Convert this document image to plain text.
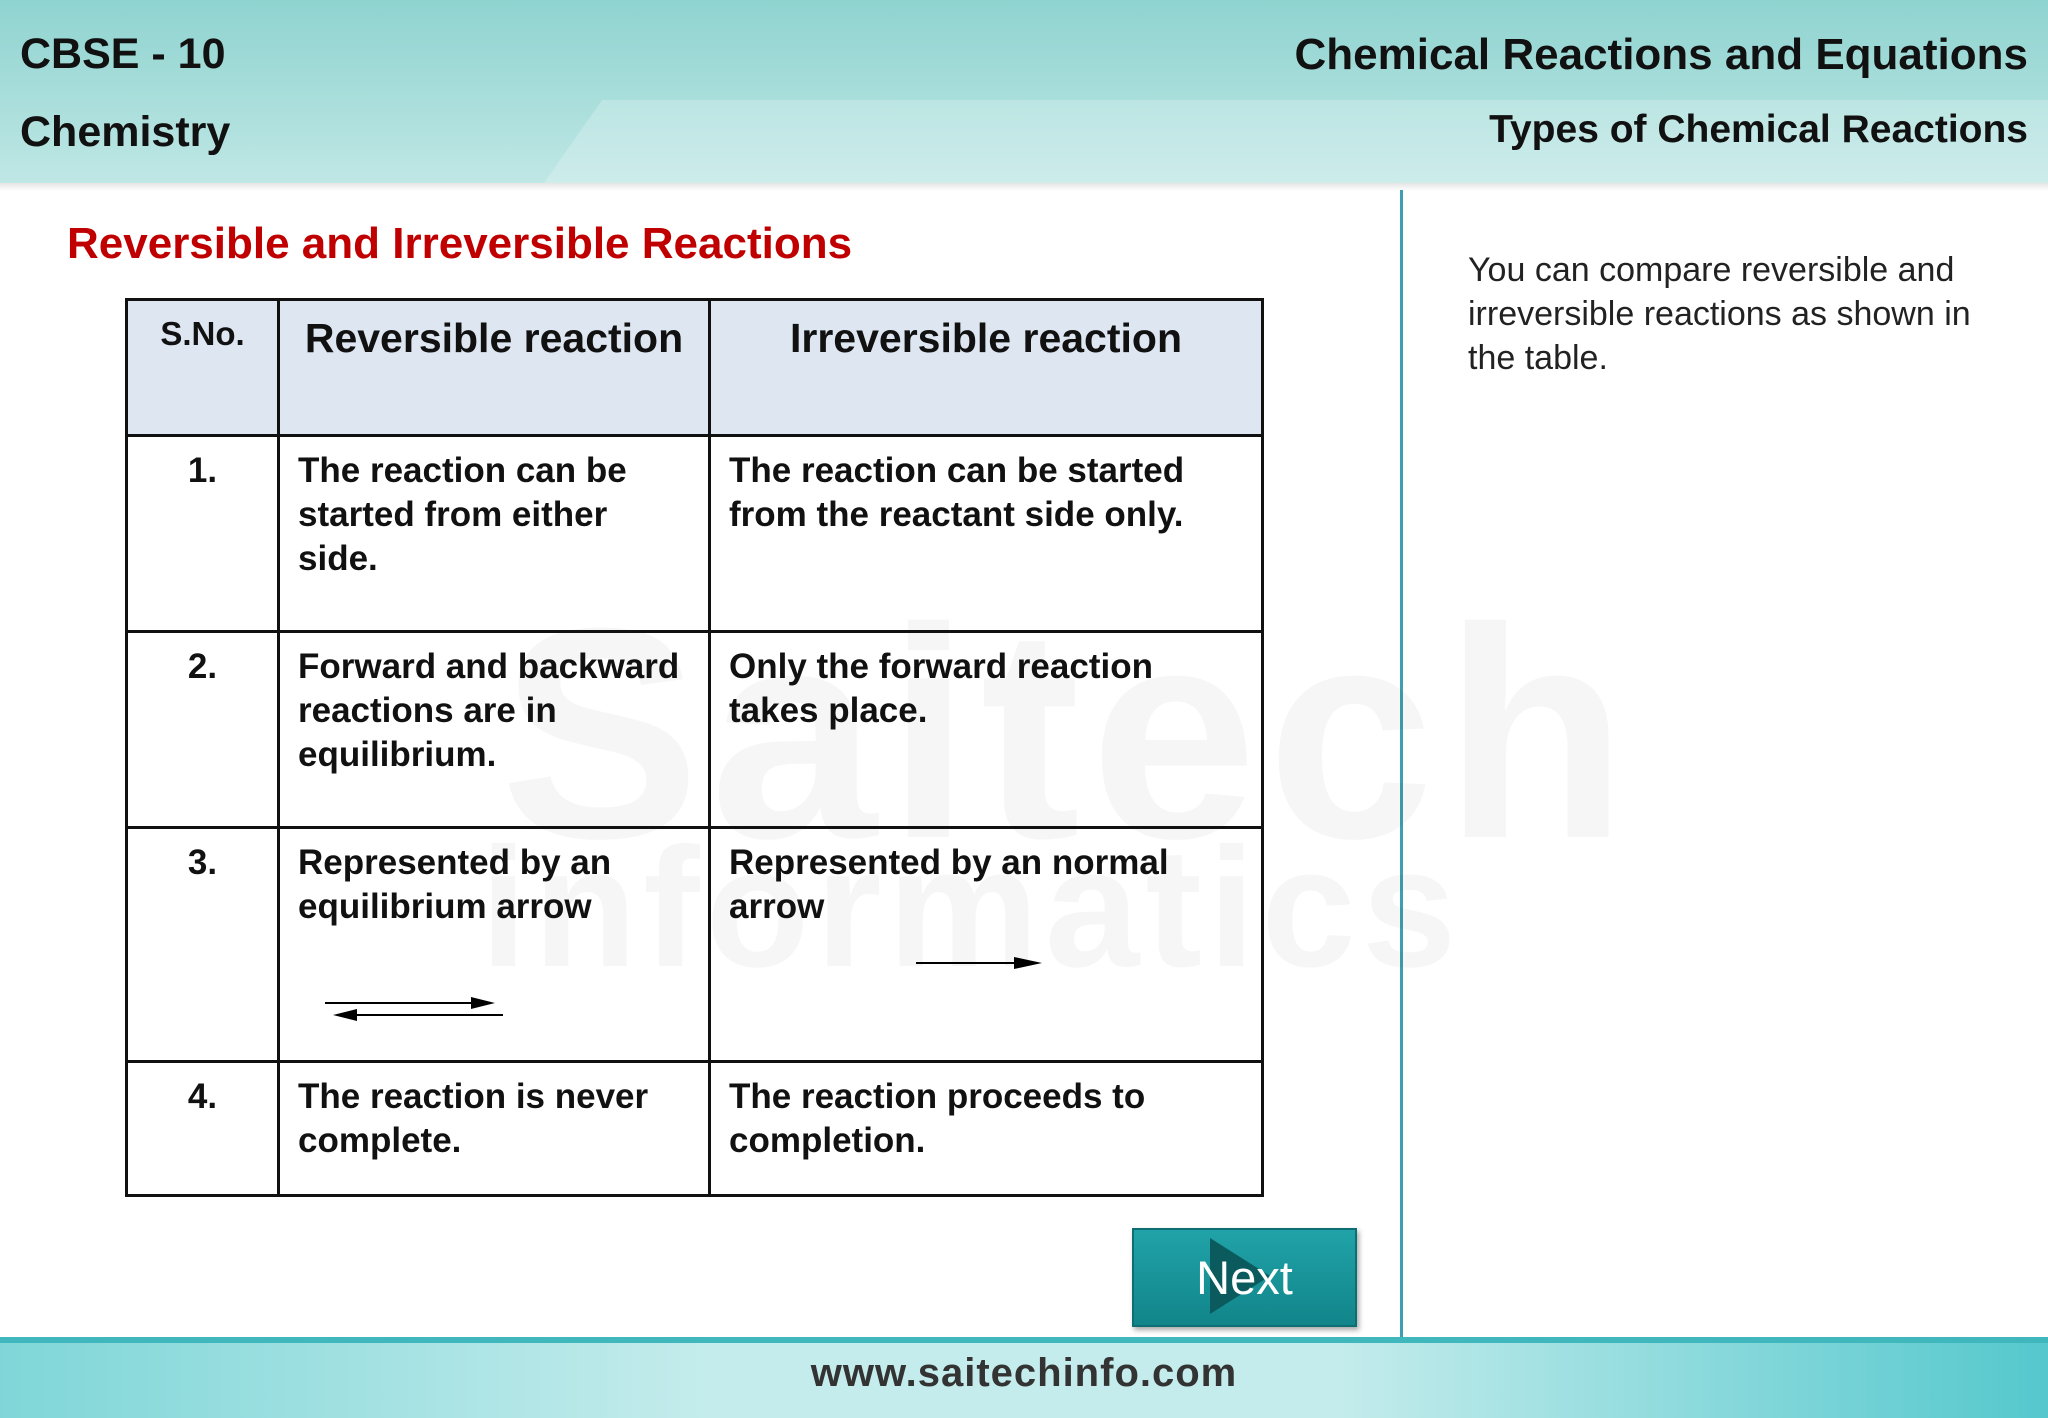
CBSE - 10
Chemistry
Chemical Reactions and Equations
Types of Chemical Reactions
Reversible and Irreversible Reactions
S.No.	Reversible reaction	Irreversible reaction
1.	The reaction can be started from either side.	The reaction can be started from the reactant side only.
2.	Forward and backward reactions are in equilibrium.	Only the forward reaction takes place.
3.	Represented by an equilibrium arrow	Represented by an normal arrow

4.	The reaction is never complete.	The reaction proceeds to completion.
You can compare reversible and irreversible reactions as shown in the table.
Next
www.saitechinfo.com
